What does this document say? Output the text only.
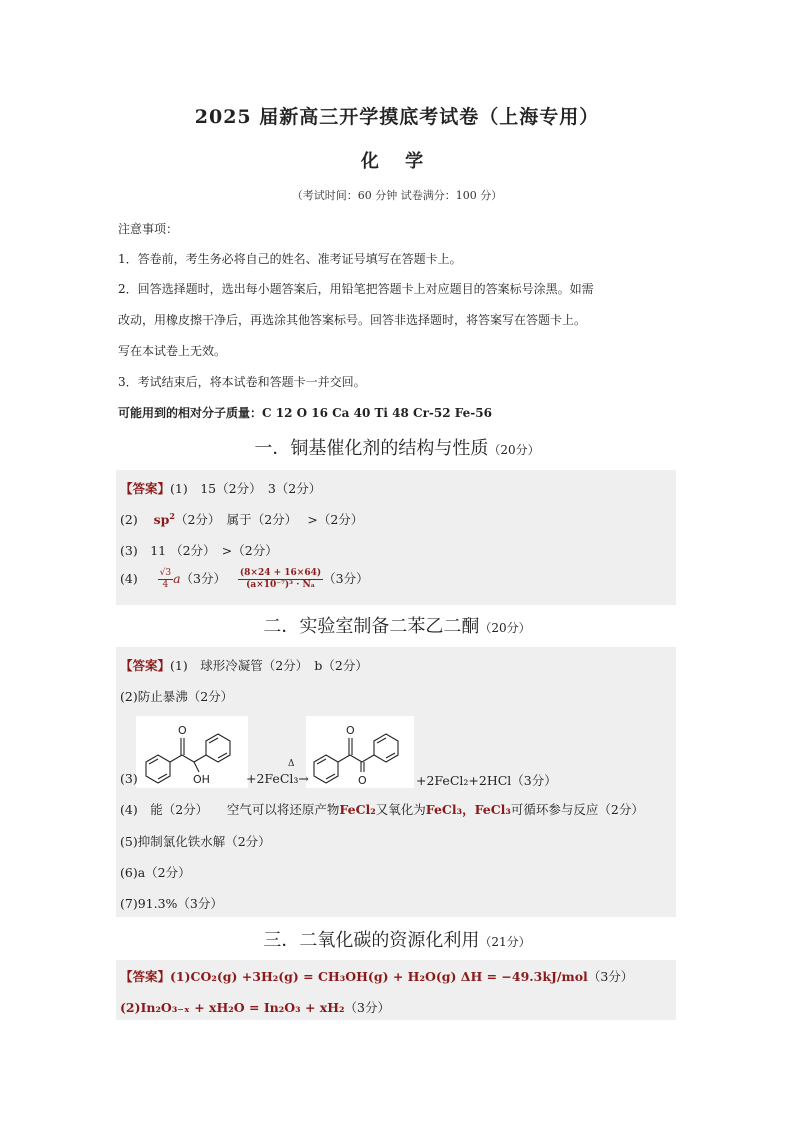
2025 届新高三开学摸底考试卷（上海专用）
化 学
（考试时间：60 分钟 试卷满分：100 分）
注意事项：
1．答卷前，考生务必将自己的姓名、准考证号填写在答题卡上。
2．回答选择题时，选出每小题答案后，用铅笔把答题卡上对应题目的答案标号涂黑。如需
改动，用橡皮擦干净后，再选涂其他答案标号。回答非选择题时，将答案写在答题卡上。
写在本试卷上无效。
3．考试结束后，将本试卷和答题卡一并交回。
可能用到的相对分子质量：C 12 O 16 Ca 40 Ti 48 Cr-52 Fe-56
一．铜基催化剂的结构与性质（20分）
【答案】(1)　15（2分）　3（2分）
(2) $sp^2(2$分）　属于（2分）　 >（2分）
(3)　11 （2分）　>（2分）
$(4) \frac{√3}{4} a(3$分） $\frac{(8\times 24 + 16\times 64)}{\text{(a×10⁻⁷)³ · Nₐ}} (3$分）
二．实验室制备二苯乙二酮（20分）
【答案】(1)　球形冷凝管（2分）　b（2分）
(2)防止暴沸（2分）
O
OH
O
O
(3)	+2FeCl₃→
Δ
+2FeCl₂+2HCl（3分）
(4)　能（2分）　　空气可以将还原产物FeCl₂又氧化为FeCl₃，FeCl₃可循环参与反应（2分）
(5)抑制氯化铁水解（2分）
(6)a（2分）
(7)91.3%（3分）
三．二氧化碳的资源化利用（21分）
【答案】(1)CO₂(g) +3H₂(g) = CH₃OH(g) + H₂O(g) ΔH = −49.3kJ/mol（3分）
(2)In₂O₃₋ₓ + xH₂O = In₂O₃ + xH₂（3分）
